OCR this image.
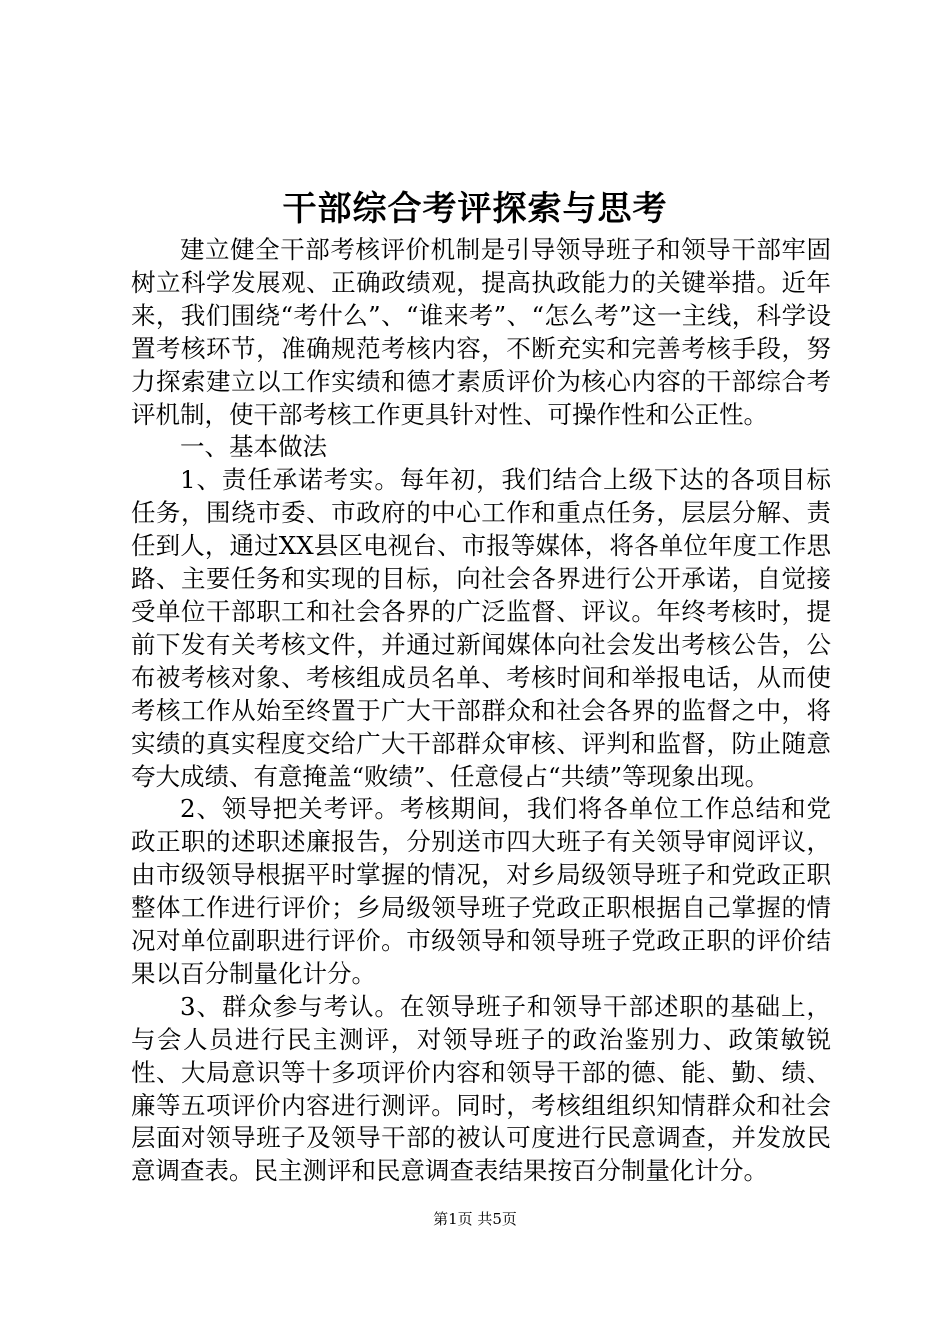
干部综合考评探索与思考

建立健全干部考核评价机制是引导领导班子和领导干部牢固树立科学发展观、正确政绩观，提高执政能力的关键举措。近年来，我们围绕“考什么”、“谁来考”、“怎么考”这一主线，科学设置考核环节，准确规范考核内容，不断充实和完善考核手段，努力探索建立以工作实绩和德才素质评价为核心内容的干部综合考评机制，使干部考核工作更具针对性、可操作性和公正性。

一、基本做法

1、责任承诺考实。每年初，我们结合上级下达的各项目标任务，围绕市委、市政府的中心工作和重点任务，层层分解、责任到人，通过XX县区电视台、市报等媒体，将各单位年度工作思路、主要任务和实现的目标，向社会各界进行公开承诺，自觉接受单位干部职工和社会各界的广泛监督、评议。年终考核时，提前下发有关考核文件，并通过新闻媒体向社会发出考核公告，公布被考核对象、考核组成员名单、考核时间和举报电话，从而使考核工作从始至终置于广大干部群众和社会各界的监督之中，将实绩的真实程度交给广大干部群众审核、评判和监督，防止随意夸大成绩、有意掩盖“败绩”、任意侵占“共绩”等现象出现。

2、领导把关考评。考核期间，我们将各单位工作总结和党政正职的述职述廉报告，分别送市四大班子有关领导审阅评议，由市级领导根据平时掌握的情况，对乡局级领导班子和党政正职整体工作进行评价；乡局级领导班子党政正职根据自己掌握的情况对单位副职进行评价。市级领导和领导班子党政正职的评价结果以百分制量化计分。

3、群众参与考认。在领导班子和领导干部述职的基础上，与会人员进行民主测评，对领导班子的政治鉴别力、政策敏锐性、大局意识等十多项评价内容和领导干部的德、能、勤、绩、廉等五项评价内容进行测评。同时，考核组组织知情群众和社会层面对领导班子及领导干部的被认可度进行民意调查，并发放民意调查表。民主测评和民意调查表结果按百分制量化计分。

第1页 共5页
